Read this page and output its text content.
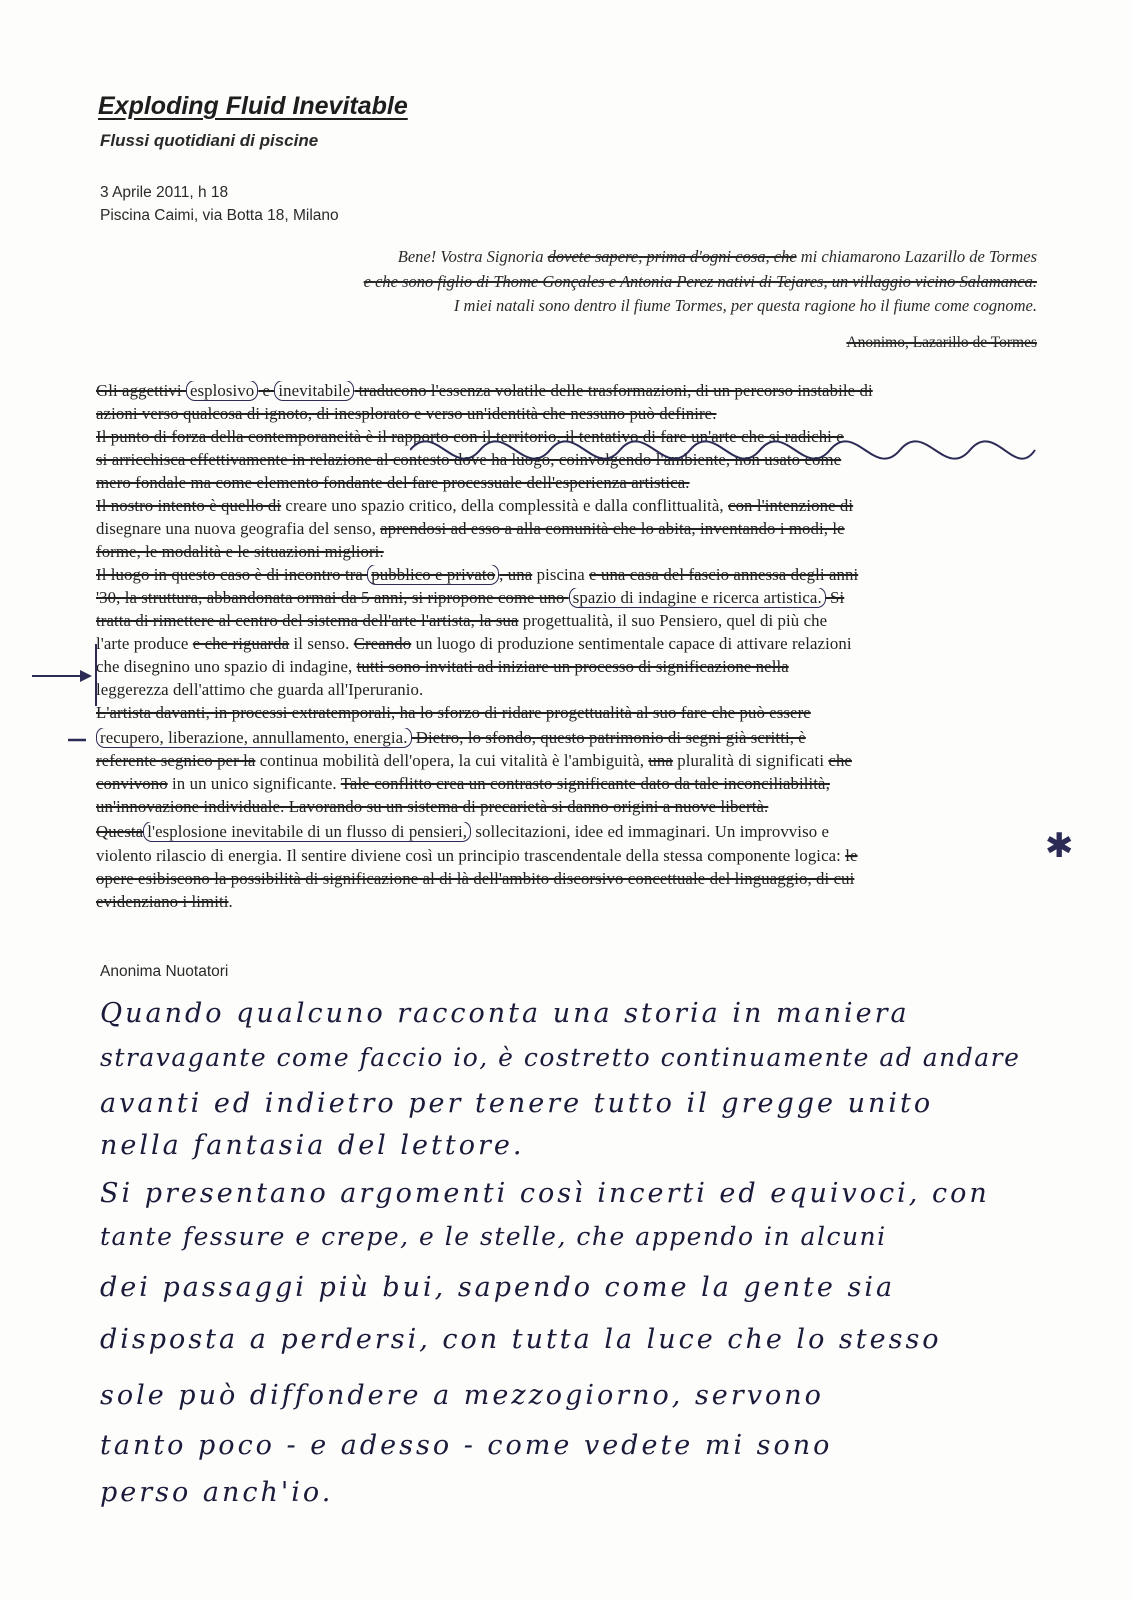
Exploding Fluid Inevitable
Flussi quotidiani di piscine
3 Aprile 2011, h 18
Piscina Caimi, via Botta 18, Milano
Bene! Vostra Signoria dovete sapere, prima d'ogni cosa, che mi chiamarono Lazarillo de Tormes
e che sono figlio di Thome Gonçales e Antonia Perez nativi di Tejares, un villaggio vicino Salamanca.
I miei natali sono dentro il fiume Tormes, per questa ragione ho il fiume come cognome.
Anonimo, Lazarillo de Tormes
Gli aggettivi esplosivo e inevitabile traducono l'essenza volatile delle trasformazioni, di un percorso instabile di
azioni verso qualcosa di ignoto, di inesplorato e verso un'identità che nessuno può definire.
Il punto di forza della contemporaneità è il rapporto con il territorio, il tentativo di fare un'arte che si radichi e
si arricchisca effettivamente in relazione al contesto dove ha luogo, coinvolgendo l'ambiente, non usato come
mero fondale ma come elemento fondante del fare processuale dell'esperienza artistica.
Il nostro intento è quello di creare uno spazio critico, della complessità e dalla conflittualità, con l'intenzione di
disegnare una nuova geografia del senso, aprendosi ad esso a alla comunità che lo abita, inventando i modi, le
forme, le modalità e le situazioni migliori.
Il luogo in questo caso è di incontro tra pubblico e privato , una piscina e una casa del fascio annessa degli anni
'30, la struttura, abbandonata ormai da 5 anni, si ripropone come uno spazio di indagine e ricerca artistica. Si
tratta di rimettere al centro del sistema dell'arte l'artista, la sua progettualità, il suo Pensiero, quel di più che
l'arte produce e che riguarda il senso. Creando un luogo di produzione sentimentale capace di attivare relazioni
che disegnino uno spazio di indagine, tutti sono invitati ad iniziare un processo di significazione nella
leggerezza dell'attimo che guarda all'Iperuranio.
L'artista davanti, in processi extratemporali, ha lo sforzo di ridare progettualità al suo fare che può essere
recupero, liberazione, annullamento, energia. Dietro, lo sfondo, questo patrimonio di segni già scritti, è
referente segnico per la continua mobilità dell'opera, la cui vitalità è l'ambiguità, una pluralità di significati che
convivono in un unico significante. Tale conflitto crea un contrasto significante dato da tale inconciliabilità,
un'innovazione individuale. Lavorando su un sistema di precarietà si danno origini a nuove libertà.
Questa l'esplosione inevitabile di un flusso di pensieri, sollecitazioni, idee ed immaginari. Un improvviso e
violento rilascio di energia. Il sentire diviene così un principio trascendentale della stessa componente logica: le
opere esibiscono la possibilità di significazione al di là dell'ambito discorsivo concettuale del linguaggio, di cui
evidenziano i limiti.
✱
Anonima Nuotatori
Quando qualcuno racconta una storia in maniera
stravagante come faccio io, è costretto continuamente ad andare
avanti ed indietro per tenere tutto il gregge unito
nella fantasia del lettore.
Si presentano argomenti così incerti ed equivoci, con
tante fessure e crepe, e le stelle, che appendo in alcuni
dei passaggi più bui, sapendo come la gente sia
disposta a perdersi, con tutta la luce che lo stesso
sole può diffondere a mezzogiorno, servono
tanto poco - e adesso - come vedete mi sono
perso anch'io.
